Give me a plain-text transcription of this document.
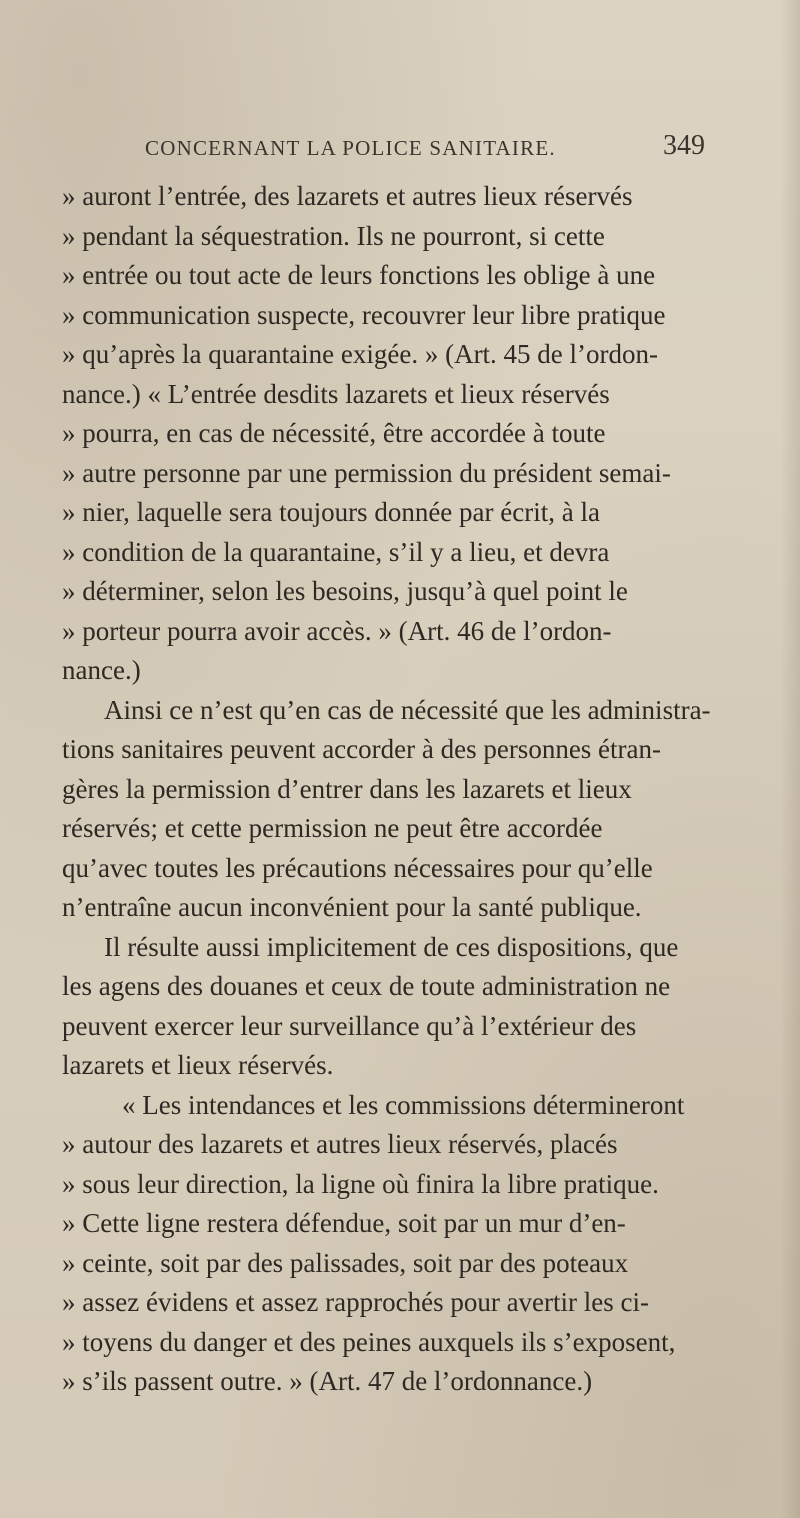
CONCERNANT LA POLICE SANITAIRE.	349
» auront l’entrée, des lazarets et autres lieux réservés
» pendant la séquestration. Ils ne pourront, si cette
» entrée ou tout acte de leurs fonctions les oblige à une
» communication suspecte, recouvrer leur libre pratique
» qu’après la quarantaine exigée. » (Art. 45 de l’ordon-
nance.) « L’entrée desdits lazarets et lieux réservés
» pourra, en cas de nécessité, être accordée à toute
» autre personne par une permission du président semai-
» nier, laquelle sera toujours donnée par écrit, à la
» condition de la quarantaine, s’il y a lieu, et devra
» déterminer, selon les besoins, jusqu’à quel point le
» porteur pourra avoir accès. » (Art. 46 de l’ordon-
nance.)
Ainsi ce n’est qu’en cas de nécessité que les administra-
tions sanitaires peuvent accorder à des personnes étran-
gères la permission d’entrer dans les lazarets et lieux
réservés; et cette permission ne peut être accordée
qu’avec toutes les précautions nécessaires pour qu’elle
n’entraîne aucun inconvénient pour la santé publique.
Il résulte aussi implicitement de ces dispositions, que
les agens des douanes et ceux de toute administration ne
peuvent exercer leur surveillance qu’à l’extérieur des
lazarets et lieux réservés.
« Les intendances et les commissions détermineront
» autour des lazarets et autres lieux réservés, placés
» sous leur direction, la ligne où finira la libre pratique.
» Cette ligne restera défendue, soit par un mur d’en-
» ceinte, soit par des palissades, soit par des poteaux
» assez évidens et assez rapprochés pour avertir les ci-
» toyens du danger et des peines auxquels ils s’exposent,
» s’ils passent outre. » (Art. 47 de l’ordonnance.)
